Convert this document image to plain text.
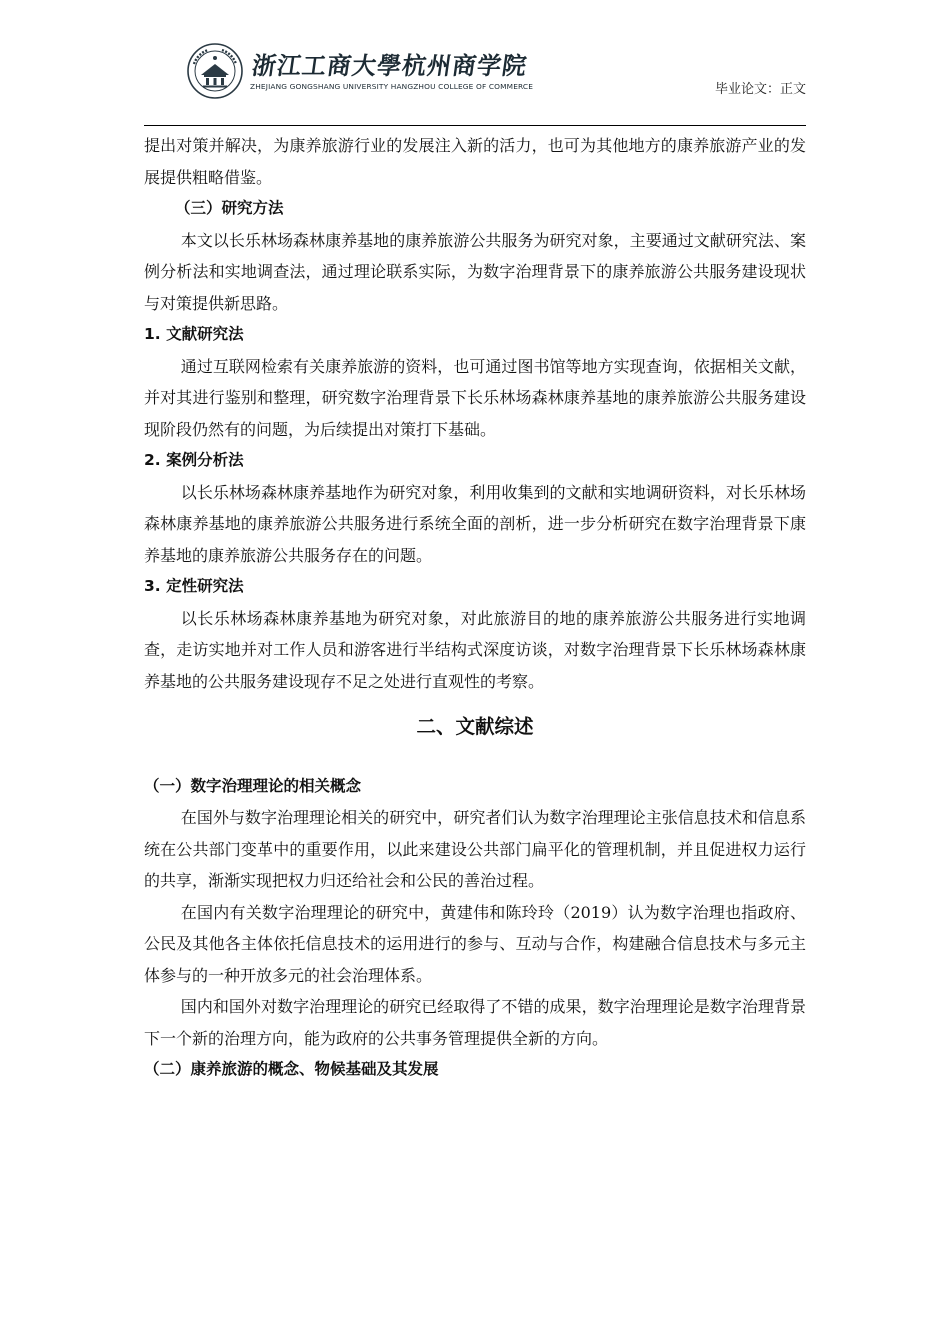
浙江工商大學杭州商学院
ZHEJIANG GONGSHANG UNIVERSITY HANGZHOU COLLEGE OF COMMERCE	毕业论文：正文

提出对策并解决，为康养旅游行业的发展注入新的活力，也可为其他地方的康养旅游产业的发展提供粗略借鉴。

（三）研究方法

本文以长乐林场森林康养基地的康养旅游公共服务为研究对象，主要通过文献研究法、案例分析法和实地调查法，通过理论联系实际，为数字治理背景下的康养旅游公共服务建设现状与对策提供新思路。

1. 文献研究法

通过互联网检索有关康养旅游的资料，也可通过图书馆等地方实现查询，依据相关文献，并对其进行鉴别和整理，研究数字治理背景下长乐林场森林康养基地的康养旅游公共服务建设现阶段仍然有的问题，为后续提出对策打下基础。

2. 案例分析法

以长乐林场森林康养基地作为研究对象，利用收集到的文献和实地调研资料，对长乐林场森林康养基地的康养旅游公共服务进行系统全面的剖析，进一步分析研究在数字治理背景下康养基地的康养旅游公共服务存在的问题。

3. 定性研究法

以长乐林场森林康养基地为研究对象，对此旅游目的地的康养旅游公共服务进行实地调查，走访实地并对工作人员和游客进行半结构式深度访谈，对数字治理背景下长乐林场森林康养基地的公共服务建设现存不足之处进行直观性的考察。

二、文献综述

（一）数字治理理论的相关概念

在国外与数字治理理论相关的研究中，研究者们认为数字治理理论主张信息技术和信息系统在公共部门变革中的重要作用，以此来建设公共部门扁平化的管理机制，并且促进权力运行的共享，渐渐实现把权力归还给社会和公民的善治过程。

在国内有关数字治理理论的研究中，黄建伟和陈玲玲（2019）认为数字治理也指政府、公民及其他各主体依托信息技术的运用进行的参与、互动与合作，构建融合信息技术与多元主体参与的一种开放多元的社会治理体系。

国内和国外对数字治理理论的研究已经取得了不错的成果，数字治理理论是数字治理背景下一个新的治理方向，能为政府的公共事务管理提供全新的方向。

（二）康养旅游的概念、物候基础及其发展
